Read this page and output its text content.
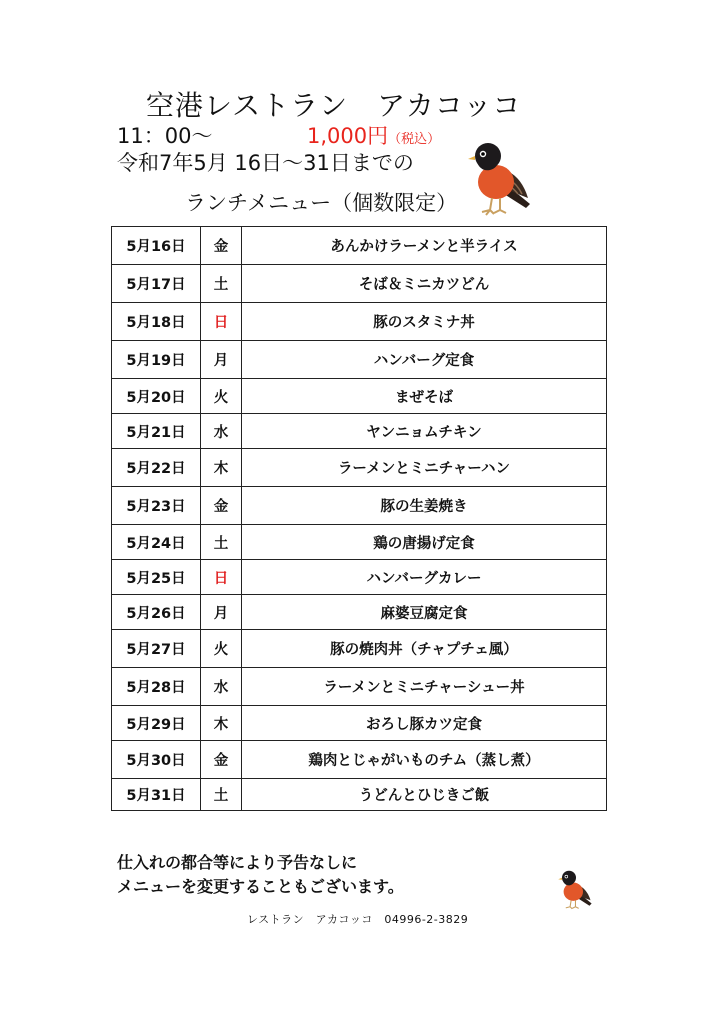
空港レストラン　アカコッコ
11：00～	1,000円（税込）
令和7年5月 16日～31日までの
ランチメニュー（個数限定）
5月16日	金	あんかけラーメンと半ライス
5月17日	土	そば＆ミニカツどん
5月18日	日	豚のスタミナ丼
5月19日	月	ハンバーグ定食
5月20日	火	まぜそば
5月21日	水	ヤンニョムチキン
5月22日	木	ラーメンとミニチャーハン
5月23日	金	豚の生姜焼き
5月24日	土	鶏の唐揚げ定食
5月25日	日	ハンバーグカレー
5月26日	月	麻婆豆腐定食
5月27日	火	豚の焼肉丼（チャプチェ風）
5月28日	水	ラーメンとミニチャーシュー丼
5月29日	木	おろし豚カツ定食
5月30日	金	鶏肉とじゃがいものチム（蒸し煮）
5月31日	土	うどんとひじきご飯
仕入れの都合等により予告なしに
メニューを変更することもございます。
レストラン　アカコッコ　04996-2-3829
